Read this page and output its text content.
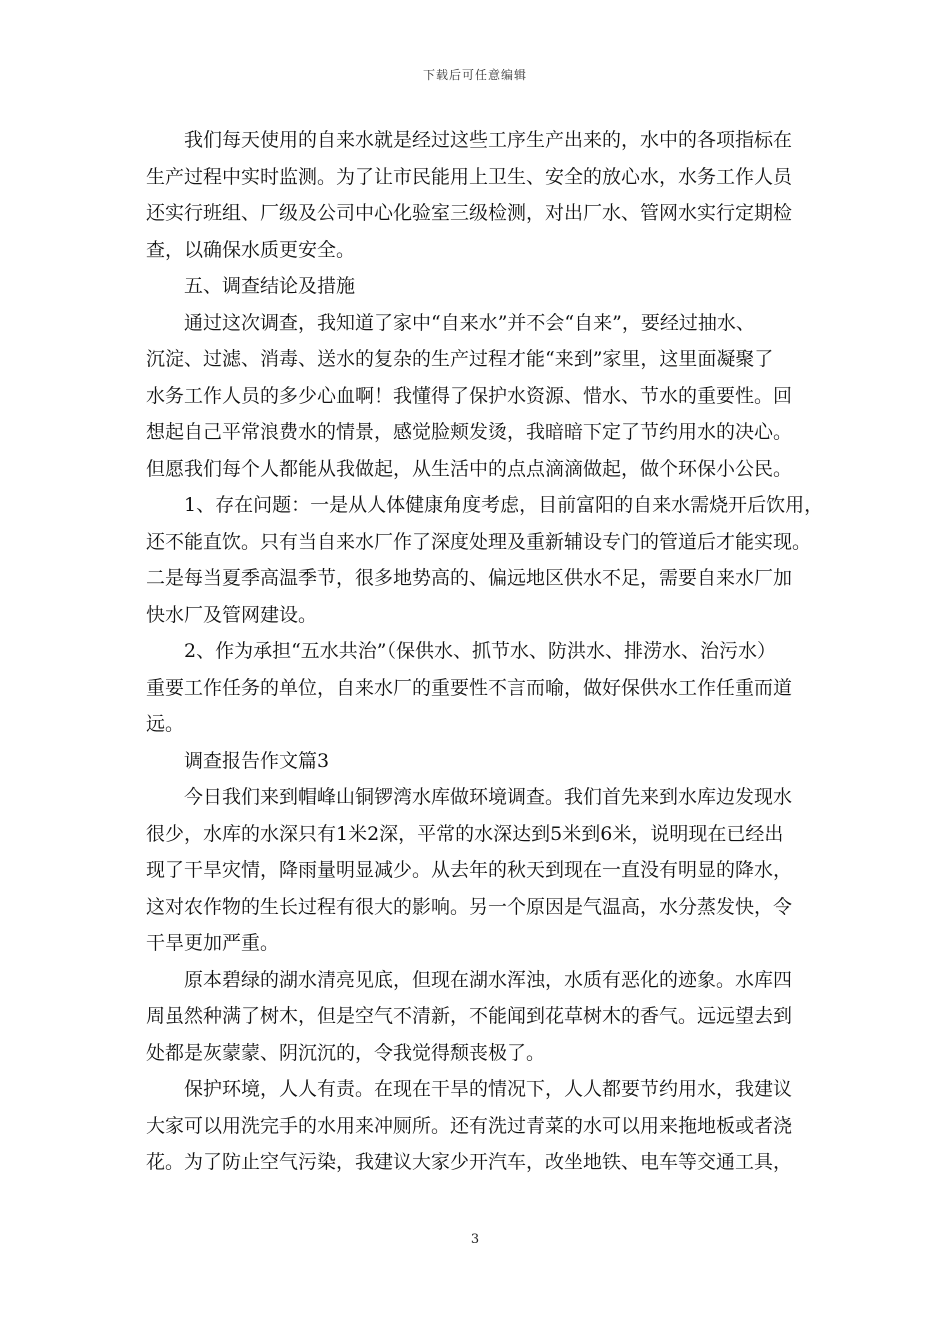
下载后可任意编辑
我们每天使用的自来水就是经过这些工序生产出来的，水中的各项指标在
生产过程中实时监测。为了让市民能用上卫生、安全的放心水，水务工作人员
还实行班组、厂级及公司中心化验室三级检测，对出厂水、管网水实行定期检
查，以确保水质更安全。
五、调查结论及措施
通过这次调查，我知道了家中“自来水”并不会“自来”，要经过抽水、
沉淀、过滤、消毒、送水的复杂的生产过程才能“来到”家里，这里面凝聚了
水务工作人员的多少心血啊！我懂得了保护水资源、惜水、节水的重要性。回
想起自己平常浪费水的情景，感觉脸颊发烫，我暗暗下定了节约用水的决心。
但愿我们每个人都能从我做起，从生活中的点点滴滴做起，做个环保小公民。
1、存在问题：一是从人体健康角度考虑，目前富阳的自来水需烧开后饮用，
还不能直饮。只有当自来水厂作了深度处理及重新辅设专门的管道后才能实现。
二是每当夏季高温季节，很多地势高的、偏远地区供水不足，需要自来水厂加
快水厂及管网建设。
2、作为承担“五水共治”（保供水、抓节水、防洪水、排涝水、治污水）
重要工作任务的单位，自来水厂的重要性不言而喻，做好保供水工作任重而道
远。
调查报告作文篇3
今日我们来到帽峰山铜锣湾水库做环境调查。我们首先来到水库边发现水
很少，水库的水深只有1米2深，平常的水深达到5米到6米，说明现在已经出
现了干旱灾情，降雨量明显减少。从去年的秋天到现在一直没有明显的降水，
这对农作物的生长过程有很大的影响。另一个原因是气温高，水分蒸发快，令
干旱更加严重。
原本碧绿的湖水清亮见底，但现在湖水浑浊，水质有恶化的迹象。水库四
周虽然种满了树木，但是空气不清新，不能闻到花草树木的香气。远远望去到
处都是灰蒙蒙、阴沉沉的，令我觉得颓丧极了。
保护环境，人人有责。在现在干旱的情况下，人人都要节约用水，我建议
大家可以用洗完手的水用来冲厕所。还有洗过青菜的水可以用来拖地板或者浇
花。为了防止空气污染，我建议大家少开汽车，改坐地铁、电车等交通工具，
3
